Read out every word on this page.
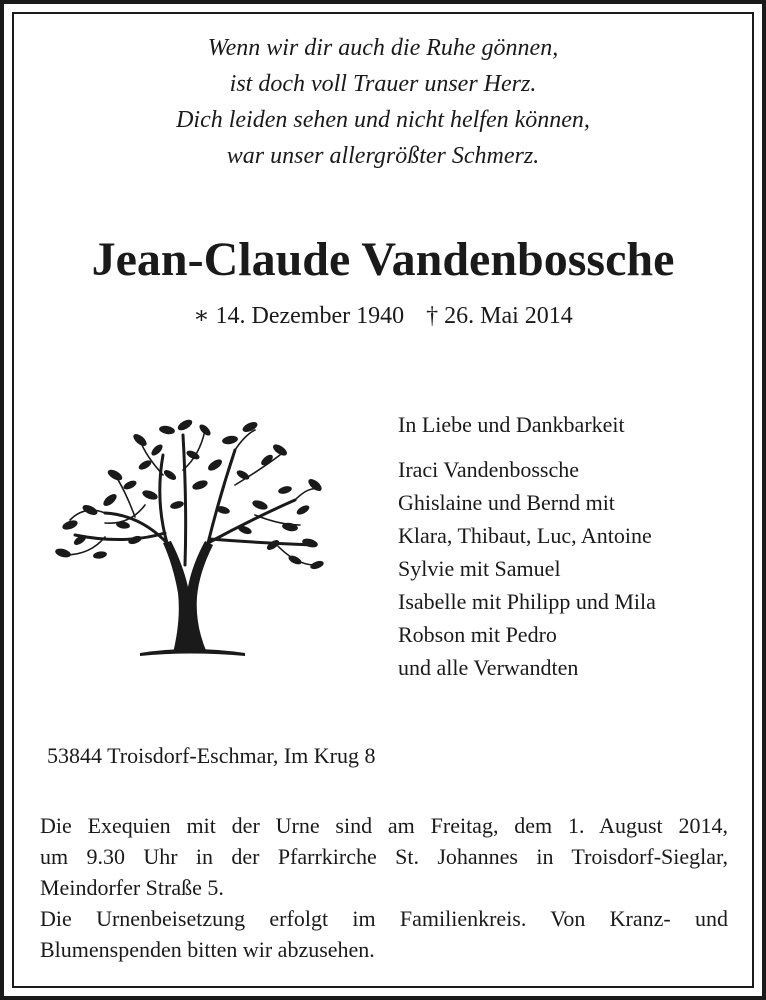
Wenn wir dir auch die Ruhe gönnen,
ist doch voll Trauer unser Herz.
Dich leiden sehen und nicht helfen können,
war unser allergrößter Schmerz.
Jean-Claude Vandenbossche
∗ 14. Dezember 1940 † 26. Mai 2014
In Liebe und Dankbarkeit
Iraci Vandenbossche
Ghislaine und Bernd mit
Klara, Thibaut, Luc, Antoine
Sylvie mit Samuel
Isabelle mit Philipp und Mila
Robson mit Pedro
und alle Verwandten
53844 Troisdorf-Eschmar, Im Krug 8
Die Exequien mit der Urne sind am Freitag, dem 1. August 2014,
um 9.30 Uhr in der Pfarrkirche St. Johannes in Troisdorf-Sieglar,
Meindorfer Straße 5.
Die Urnenbeisetzung erfolgt im Familienkreis. Von Kranz- und
Blumenspenden bitten wir abzusehen.
